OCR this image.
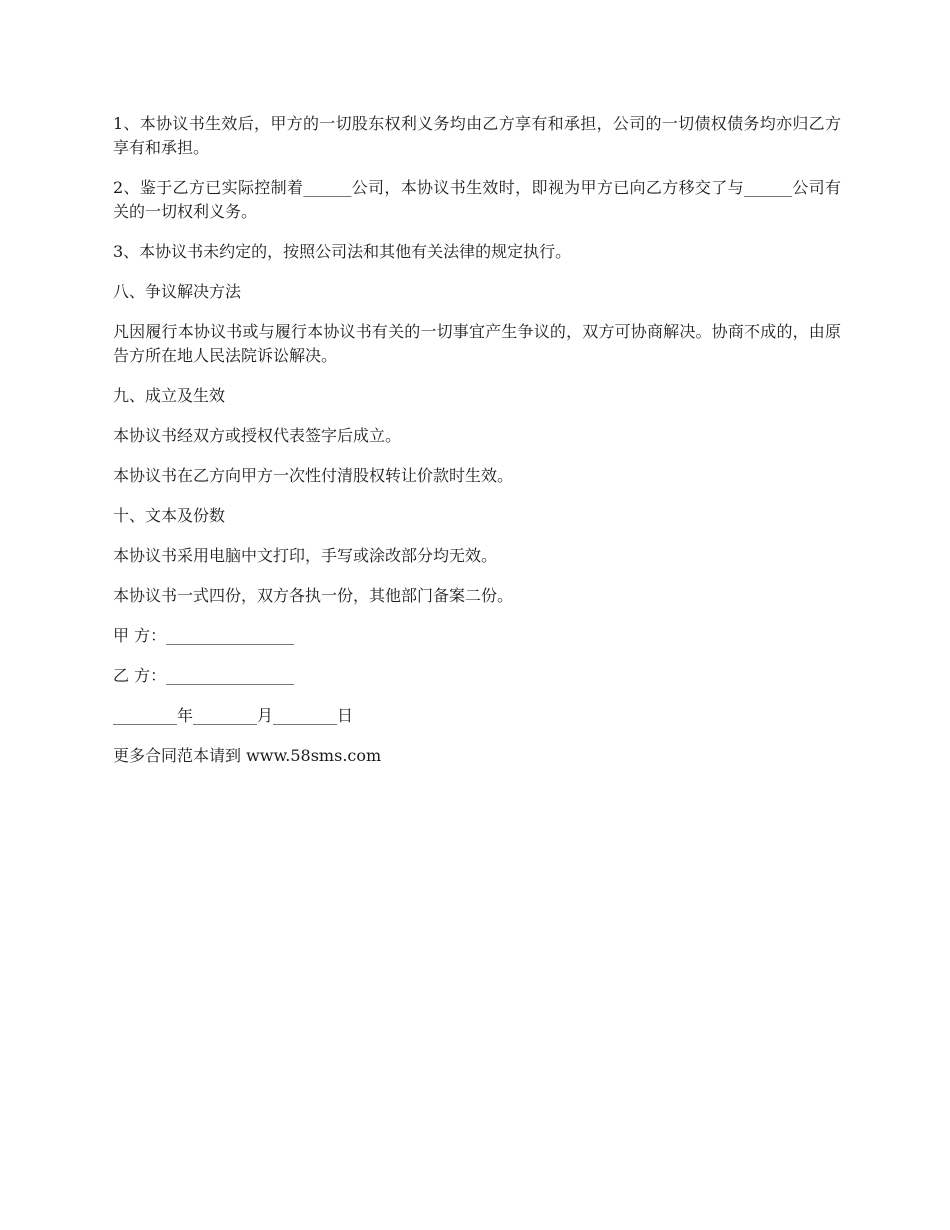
1、本协议书生效后，甲方的一切股东权利义务均由乙方享有和承担，公司的一切债权债务均亦归乙方享有和承担。

2、鉴于乙方已实际控制着______公司，本协议书生效时，即视为甲方已向乙方移交了与______公司有关的一切权利义务。

3、本协议书未约定的，按照公司法和其他有关法律的规定执行。

八、争议解决方法

凡因履行本协议书或与履行本协议书有关的一切事宜产生争议的，双方可协商解决。协商不成的，由原告方所在地人民法院诉讼解决。

九、成立及生效

本协议书经双方或授权代表签字后成立。

本协议书在乙方向甲方一次性付清股权转让价款时生效。

十、文本及份数

本协议书采用电脑中文打印，手写或涂改部分均无效。

本协议书一式四份，双方各执一份，其他部门备案二份。

甲 方：________________

乙 方：________________

________年________月________日

更多合同范本请到 www.58sms.com
